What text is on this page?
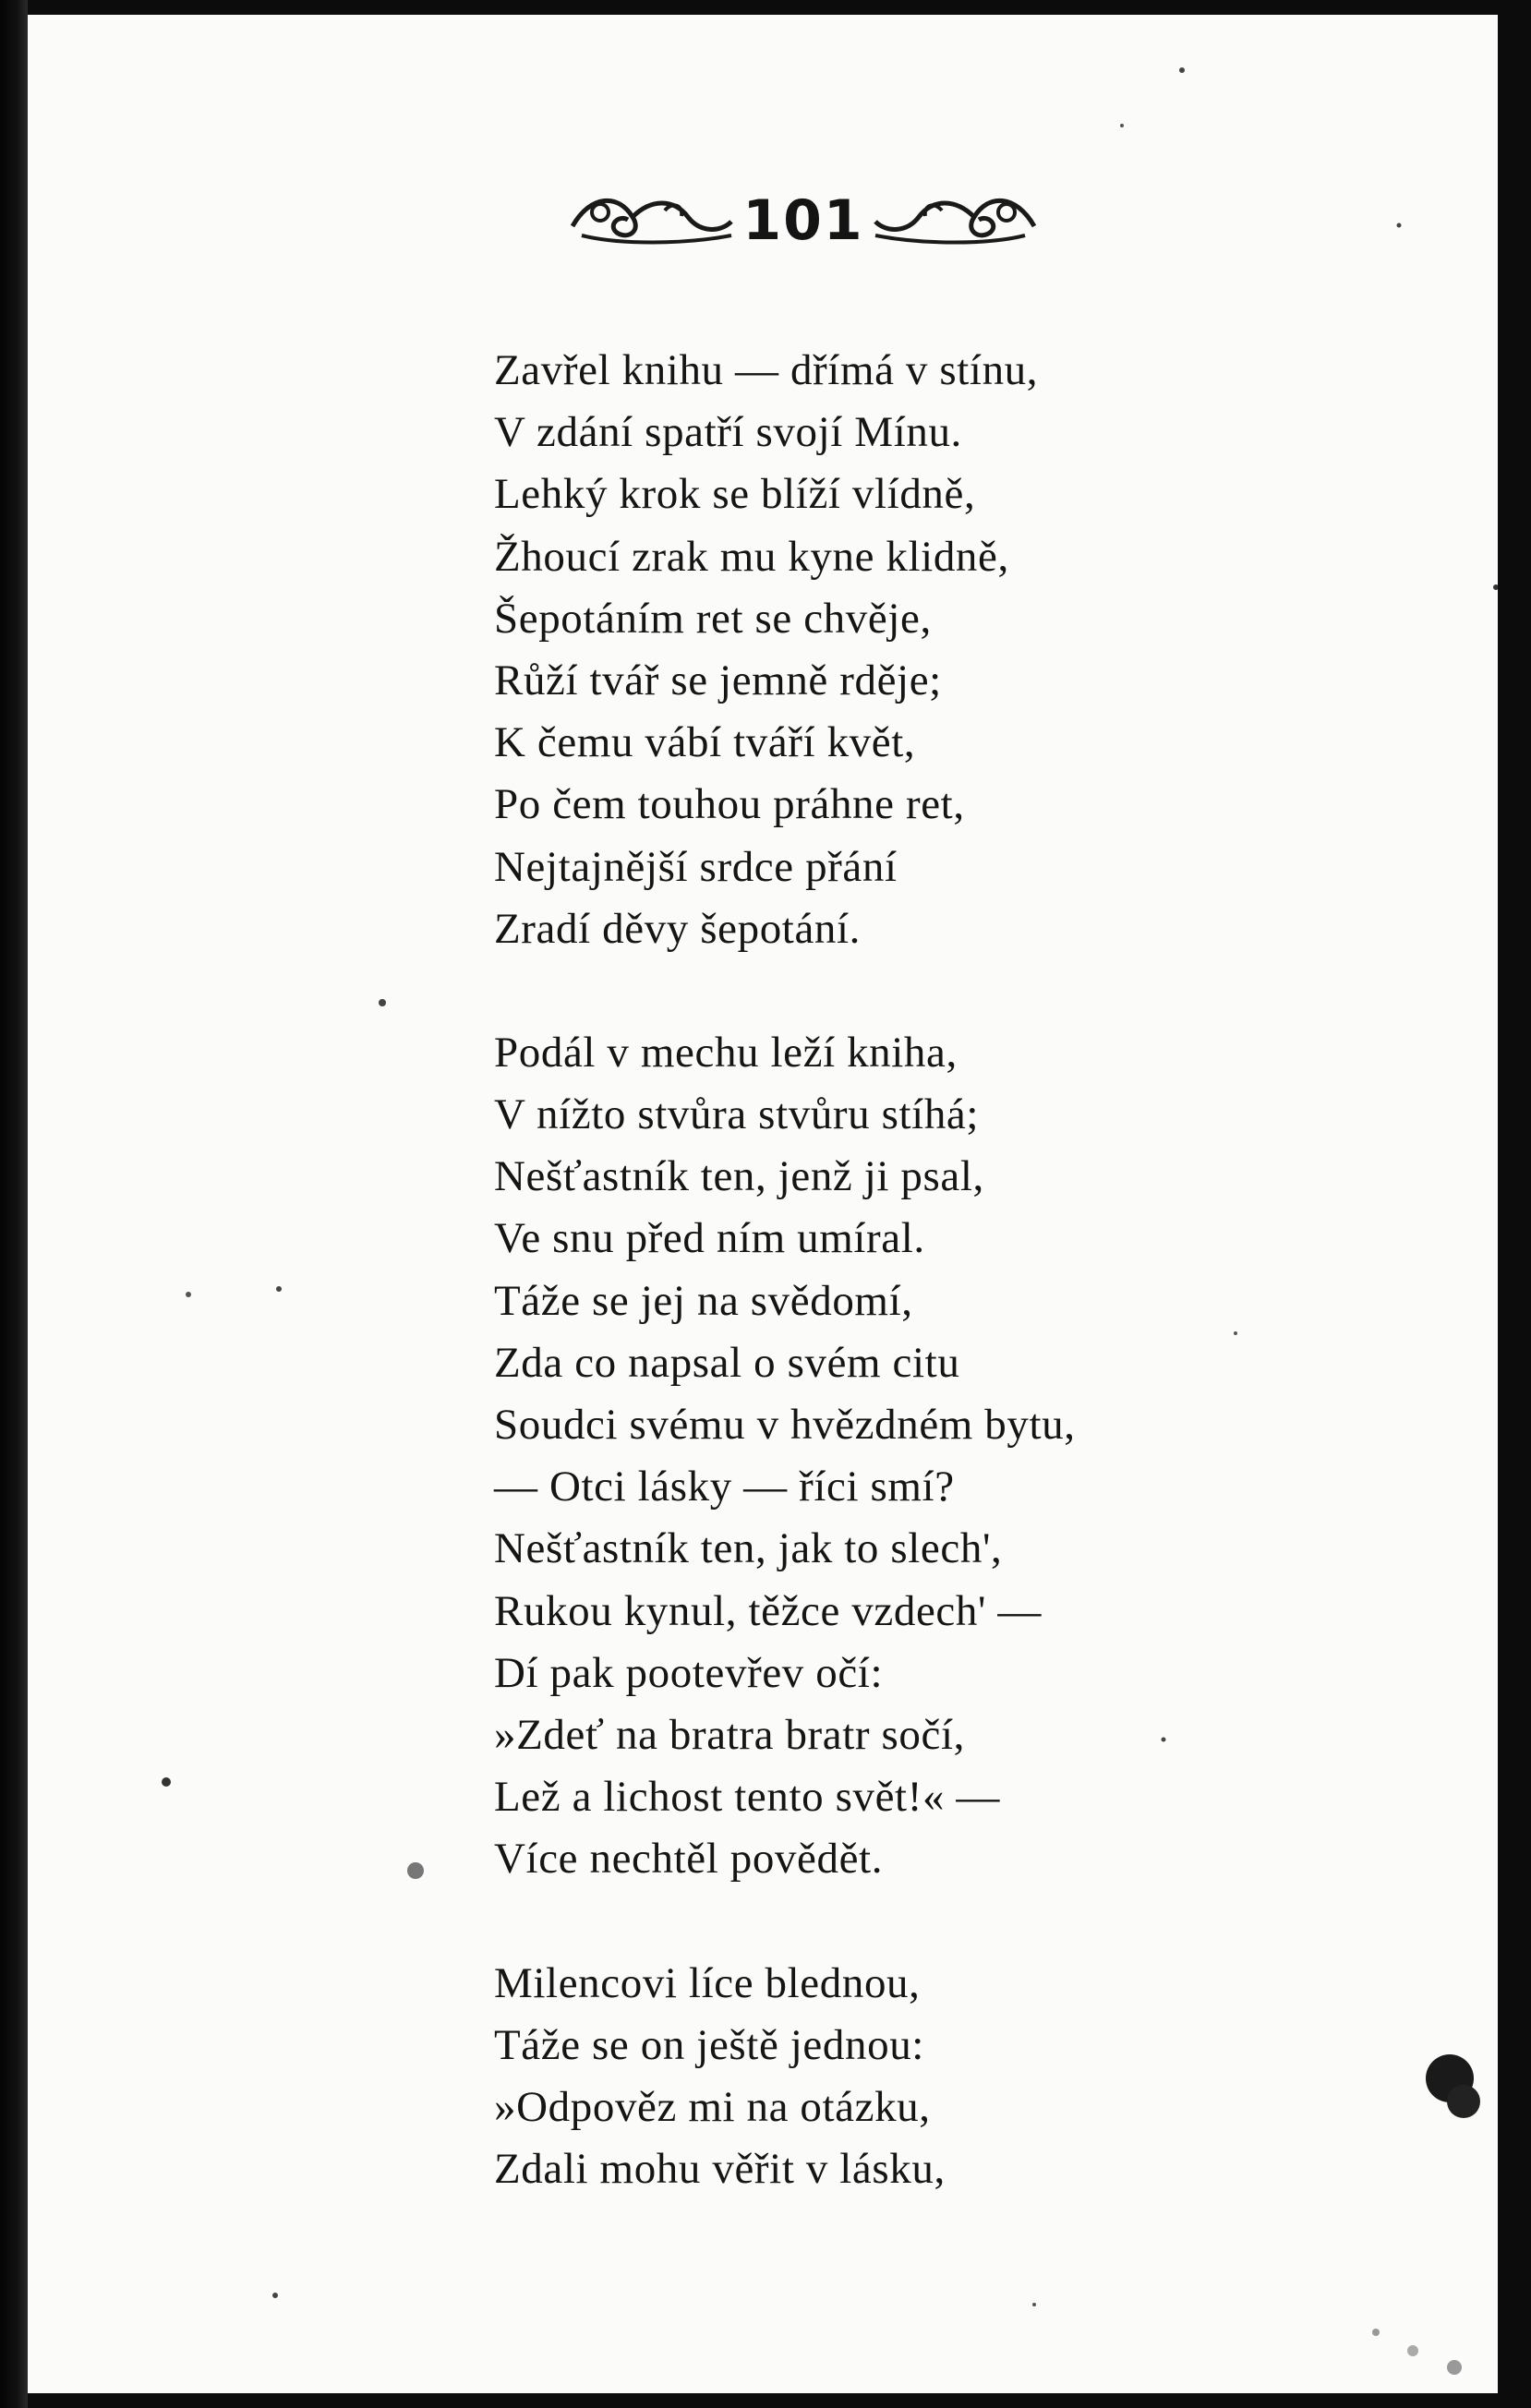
101
Zavřel knihu — dřímá v stínu,
V zdání spatří svojí Mínu.
Lehký krok se blíží vlídně,
Žhoucí zrak mu kyne klidně,
Šepotáním ret se chvěje,
Růží tvář se jemně rděje;
K čemu vábí tváří květ,
Po čem touhou práhne ret,
Nejtajnější srdce přání
Zradí děvy šepotání.
Podál v mechu leží kniha,
V nížto stvůra stvůru stíhá;
Nešťastník ten, jenž ji psal,
Ve snu před ním umíral.
Táže se jej na svědomí,
Zda co napsal o svém citu
Soudci svému v hvězdném bytu,
— Otci lásky — říci smí?
Nešťastník ten, jak to slech',
Rukou kynul, těžce vzdech' —
Dí pak pootevřev očí:
»Zdeť na bratra bratr sočí,
Lež a lichost tento svět!« —
Více nechtěl povědět.
Milencovi líce blednou,
Táže se on ještě jednou:
»Odpověz mi na otázku,
Zdali mohu věřit v lásku,
